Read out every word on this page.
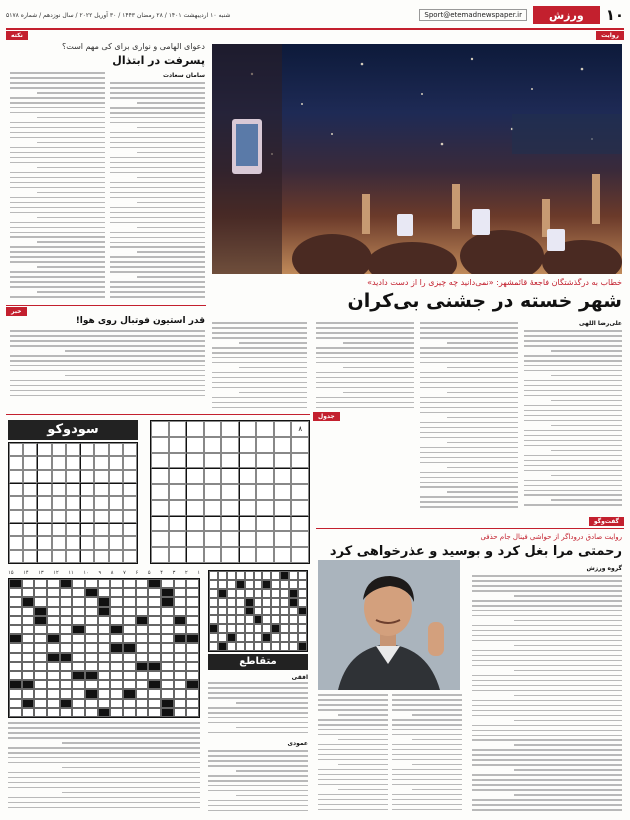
۱۰
ورزش
Sport@etemadnewspaper.ir
شنبه ۱۰ اردیبهشت ۱۴۰۱ / ۲۸ رمضان ۱۴۴۳ / ۳۰ آوریل ۲۰۲۲ / سال نوزدهم / شماره ۵۱۷۸
روایت
نکته
خبر
جدول
گفت‌وگو
دعوای الهامی و نواری برای کی مهم است؟
پسرفت در ابتذال
سامان سعادت
قدر استیون فوتبال روی هوا!
خطاب به درگذشتگان فاجعهٔ قائمشهر: «نمی‌دانید چه چیزی را از دست دادید»
شهر خسته در جشنی بی‌کران
علی‌رضا اللهی
سودوکو	۸
۱
۲
۳
۴
۵
۶
۷
۸
۹
۱۰
۱۱
۱۲
۱۳
۱۴
۱۵
متقاطع
افقی
عمودی
روایت صادق دروداگر از حواشی فینال جام حذفی
رحمتی مرا بغل کرد و بوسید و عذرخواهی کرد
گروه ورزش
